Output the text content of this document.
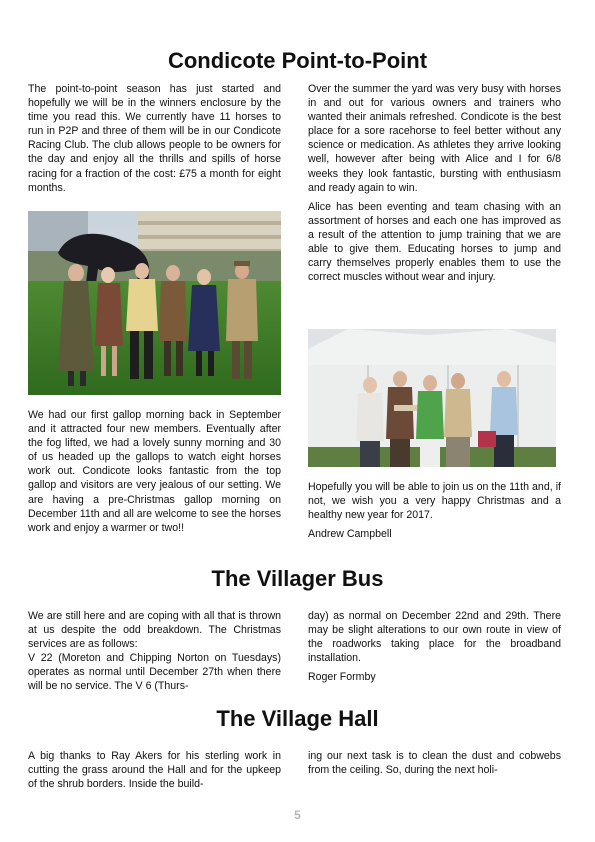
Condicote Point-to-Point

The point-to-point season has just started and hopefully we will be in the winners enclosure by the time you read this. We currently have 11 horses to run in P2P and three of them will be in our Condicote Racing Club. The club allows people to be owners for the day and enjoy all the thrills and spills of horse racing for a fraction of the cost: £75 a month for eight months.

We had our first gallop morning back in September and it attracted four new members. Eventually after the fog lifted, we had a lovely sunny morning and 30 of us headed up the gallops to watch eight horses work out. Condicote looks fantastic from the top gallop and visitors are very jealous of our setting. We are having a pre-Christmas gallop morning on December 11th and all are welcome to see the horses work and enjoy a warmer or two!!

Over the summer the yard was very busy with horses in and out for various owners and trainers who wanted their animals refreshed. Condicote is the best place for a sore racehorse to feel better without any science or medication. As athletes they arrive looking well, however after being with Alice and I for 6/8 weeks they look fantastic, bursting with enthusiasm and ready again to win.

Alice has been eventing and team chasing with an assortment of horses and each one has improved as a result of the attention to jump training that we are able to give them. Educating horses to jump and carry themselves properly enables them to use the correct muscles without wear and injury.

Hopefully you will be able to join us on the 11th and, if not, we wish you a very happy Christmas and a healthy new year for 2017.

Andrew Campbell

The Villager Bus

We are still here and are coping with all that is thrown at us despite the odd breakdown. The Christmas services are as follows:

V 22 (Moreton and Chipping Norton on Tuesdays) operates as normal until December 27th when there will be no service. The V 6 (Thurs-

day) as normal on December 22nd and 29th. There may be slight alterations to our own route in view of the roadworks taking place for the broadband installation.

Roger Formby

The Village Hall

A big thanks to Ray Akers for his sterling work in cutting the grass around the Hall and for the upkeep of the shrub borders. Inside the build-

ing our next task is to clean the dust and cobwebs from the ceiling. So, during the next holi-

5
